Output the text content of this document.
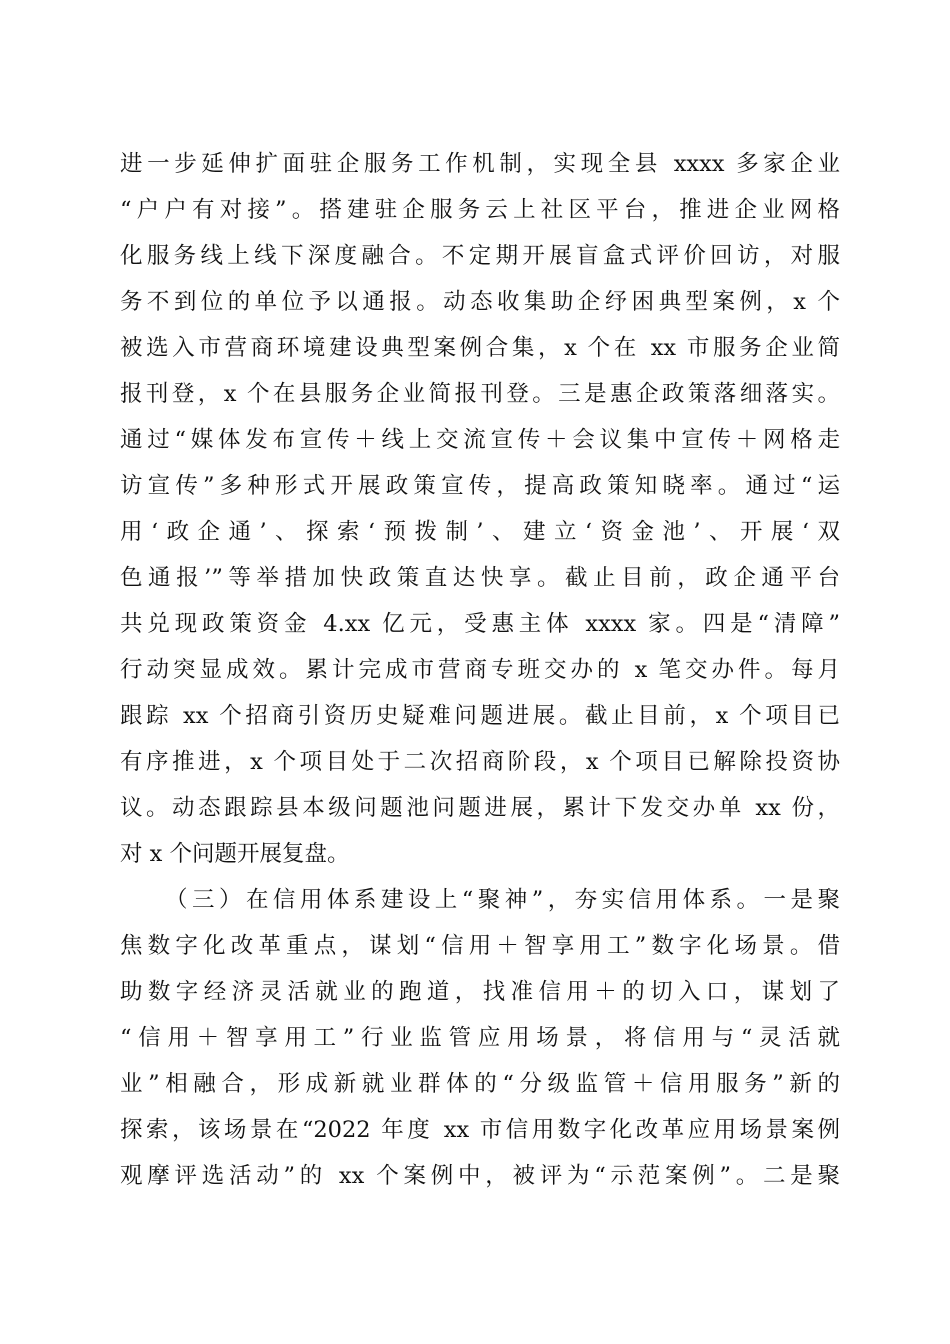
进一步延伸扩面驻企服务工作机制，实现全县 xxxx 多家企业
“户户有对接”。搭建驻企服务云上社区平台，推进企业网格
化服务线上线下深度融合。不定期开展盲盒式评价回访，对服
务不到位的单位予以通报。动态收集助企纾困典型案例，x 个
被选入市营商环境建设典型案例合集，x 个在 xx 市服务企业简
报刊登，x 个在县服务企业简报刊登。三是惠企政策落细落实。
通过“媒体发布宣传＋线上交流宣传＋会议集中宣传＋网格走
访宣传”多种形式开展政策宣传，提高政策知晓率。通过“运
用‘政企通’、探索‘预拨制’、建立‘资金池’、开展‘双
色通报’”等举措加快政策直达快享。截止目前，政企通平台
共兑现政策资金 4.xx 亿元，受惠主体 xxxx 家。四是“清障”
行动突显成效。累计完成市营商专班交办的 x 笔交办件。每月
跟踪 xx 个招商引资历史疑难问题进展。截止目前，x 个项目已
有序推进，x 个项目处于二次招商阶段，x 个项目已解除投资协
议。动态跟踪县本级问题池问题进展，累计下发交办单 xx 份，
对 x 个问题开展复盘。
（三）在信用体系建设上“聚神”，夯实信用体系。一是聚
焦数字化改革重点，谋划“信用＋智享用工”数字化场景。借
助数字经济灵活就业的跑道，找准信用＋的切入口，谋划了
“信用＋智享用工”行业监管应用场景，将信用与“灵活就
业”相融合，形成新就业群体的“分级监管＋信用服务”新的
探索，该场景在“2022 年度 xx 市信用数字化改革应用场景案例
观摩评选活动”的 xx 个案例中，被评为“示范案例”。二是聚
